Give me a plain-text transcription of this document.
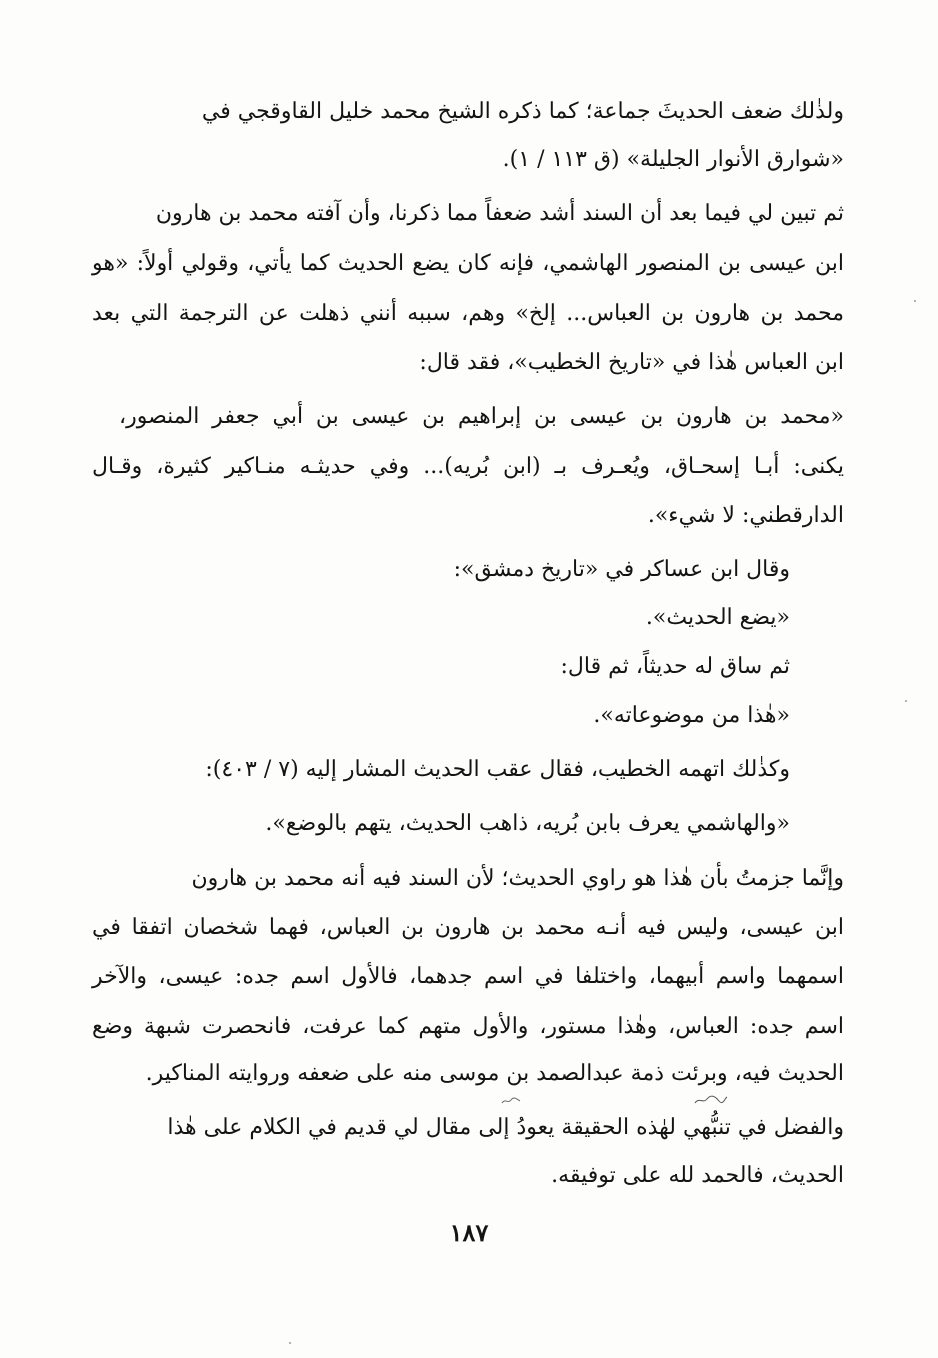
ولذٰلك ضعف الحديثَ جماعة؛ كما ذكره الشيخ محمد خليل القاوقجي في
«شوارق الأنوار الجليلة» (ق ١١٣ / ١).
ثم تبين لي فيما بعد أن السند أشد ضعفاً مما ذكرنا، وأن آفته محمد بن هارون
ابن عيسى بن المنصور الهاشمي، فإنه كان يضع الحديث كما يأتي، وقولي أولاً: «هو
محمد بن هارون بن العباس... إلخ» وهم، سببه أنني ذهلت عن الترجمة التي بعد
ابن العباس هٰذا في «تاريخ الخطيب»، فقد قال:
«محمد بن هارون بن عيسى بن إبراهيم بن عيسى بن أبي جعفر المنصور،
يكنى: أبـا إسحـاق، ويُعـرف بـ (ابن بُريه)... وفي حديثـه منـاكير كثيرة، وقـال
الدارقطني: لا شيء».
وقال ابن عساكر في «تاريخ دمشق»:
«يضع الحديث».
ثم ساق له حديثاً، ثم قال:
«هٰذا من موضوعاته».
وكذٰلك اتهمه الخطيب، فقال عقب الحديث المشار إليه (٧ / ٤٠٣):
«والهاشمي يعرف بابن بُريه، ذاهب الحديث، يتهم بالوضع».
وإنَّما جزمتُ بأن هٰذا هو راوي الحديث؛ لأن السند فيه أنه محمد بن هارون
ابن عيسى، وليس فيه أنـه محمد بن هارون بن العباس، فهما شخصان اتفقا في
اسمهما واسم أبيهما، واختلفا في اسم جدهما، فالأول اسم جده: عيسى، والآخر
اسم جده: العباس، وهٰذا مستور، والأول متهم كما عرفت، فانحصرت شبهة وضع
الحديث فيه، وبرئت ذمة عبدالصمد بن موسى منه على ضعفه وروايته المناكير.
والفضل في تنبُّهي لهٰذه الحقيقة يعودُ إلى مقال لي قديم في الكلام على هٰذا
الحديث، فالحمد لله على توفيقه.
١٨٧
